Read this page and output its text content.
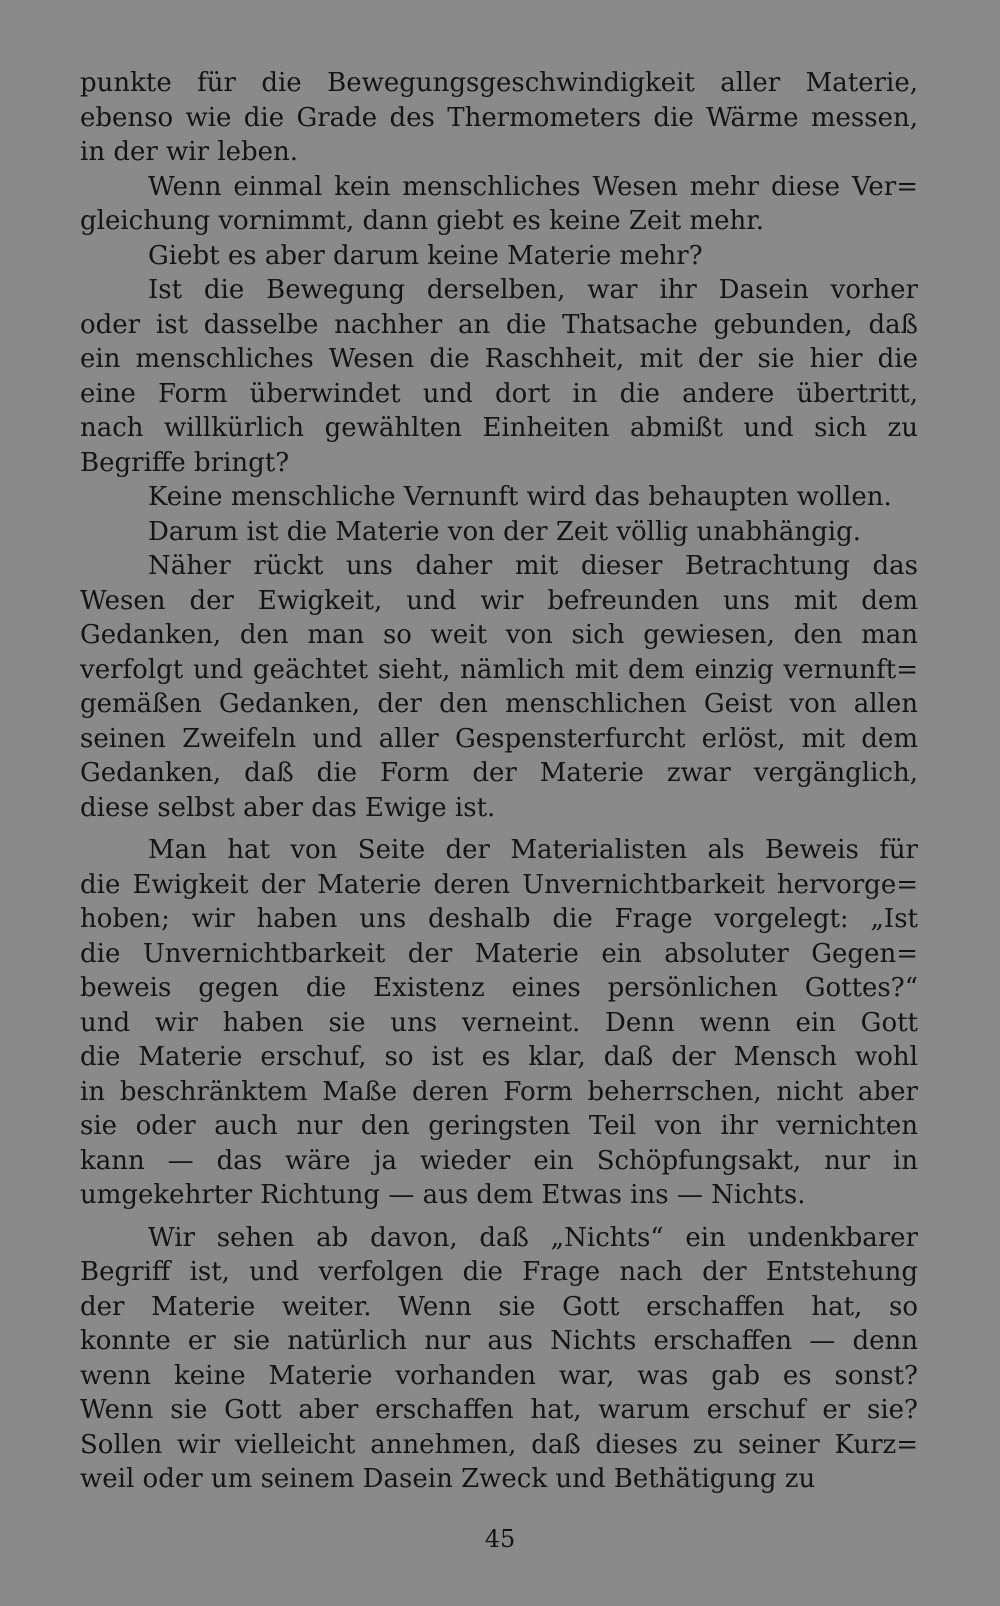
punkte für die Bewegungsgeschwindigkeit aller Materie,
ebenso wie die Grade des Thermometers die Wärme messen,
in der wir leben.
Wenn einmal kein menschliches Wesen mehr diese Ver=
gleichung vornimmt, dann giebt es keine Zeit mehr.
Giebt es aber darum keine Materie mehr?
Ist die Bewegung derselben, war ihr Dasein vorher
oder ist dasselbe nachher an die Thatsache gebunden, daß
ein menschliches Wesen die Raschheit, mit der sie hier die
eine Form überwindet und dort in die andere übertritt,
nach willkürlich gewählten Einheiten abmißt und sich zu
Begriffe bringt?
Keine menschliche Vernunft wird das behaupten wollen.
Darum ist die Materie von der Zeit völlig unabhängig.
Näher rückt uns daher mit dieser Betrachtung das
Wesen der Ewigkeit, und wir befreunden uns mit dem
Gedanken, den man so weit von sich gewiesen, den man
verfolgt und geächtet sieht, nämlich mit dem einzig vernunft=
gemäßen Gedanken, der den menschlichen Geist von allen
seinen Zweifeln und aller Gespensterfurcht erlöst, mit dem
Gedanken, daß die Form der Materie zwar vergänglich,
diese selbst aber das Ewige ist.
Man hat von Seite der Materialisten als Beweis für
die Ewigkeit der Materie deren Unvernichtbarkeit hervorge=
hoben; wir haben uns deshalb die Frage vorgelegt: „Ist
die Unvernichtbarkeit der Materie ein absoluter Gegen=
beweis gegen die Existenz eines persönlichen Gottes?“
und wir haben sie uns verneint. Denn wenn ein Gott
die Materie erschuf, so ist es klar, daß der Mensch wohl
in beschränktem Maße deren Form beherrschen, nicht aber
sie oder auch nur den geringsten Teil von ihr vernichten
kann — das wäre ja wieder ein Schöpfungsakt, nur in
umgekehrter Richtung — aus dem Etwas ins — Nichts.
Wir sehen ab davon, daß „Nichts“ ein undenkbarer
Begriff ist, und verfolgen die Frage nach der Entstehung
der Materie weiter. Wenn sie Gott erschaffen hat, so
konnte er sie natürlich nur aus Nichts erschaffen — denn
wenn keine Materie vorhanden war, was gab es sonst?
Wenn sie Gott aber erschaffen hat, warum erschuf er sie?
Sollen wir vielleicht annehmen, daß dieses zu seiner Kurz=
weil oder um seinem Dasein Zweck und Bethätigung zu
45
